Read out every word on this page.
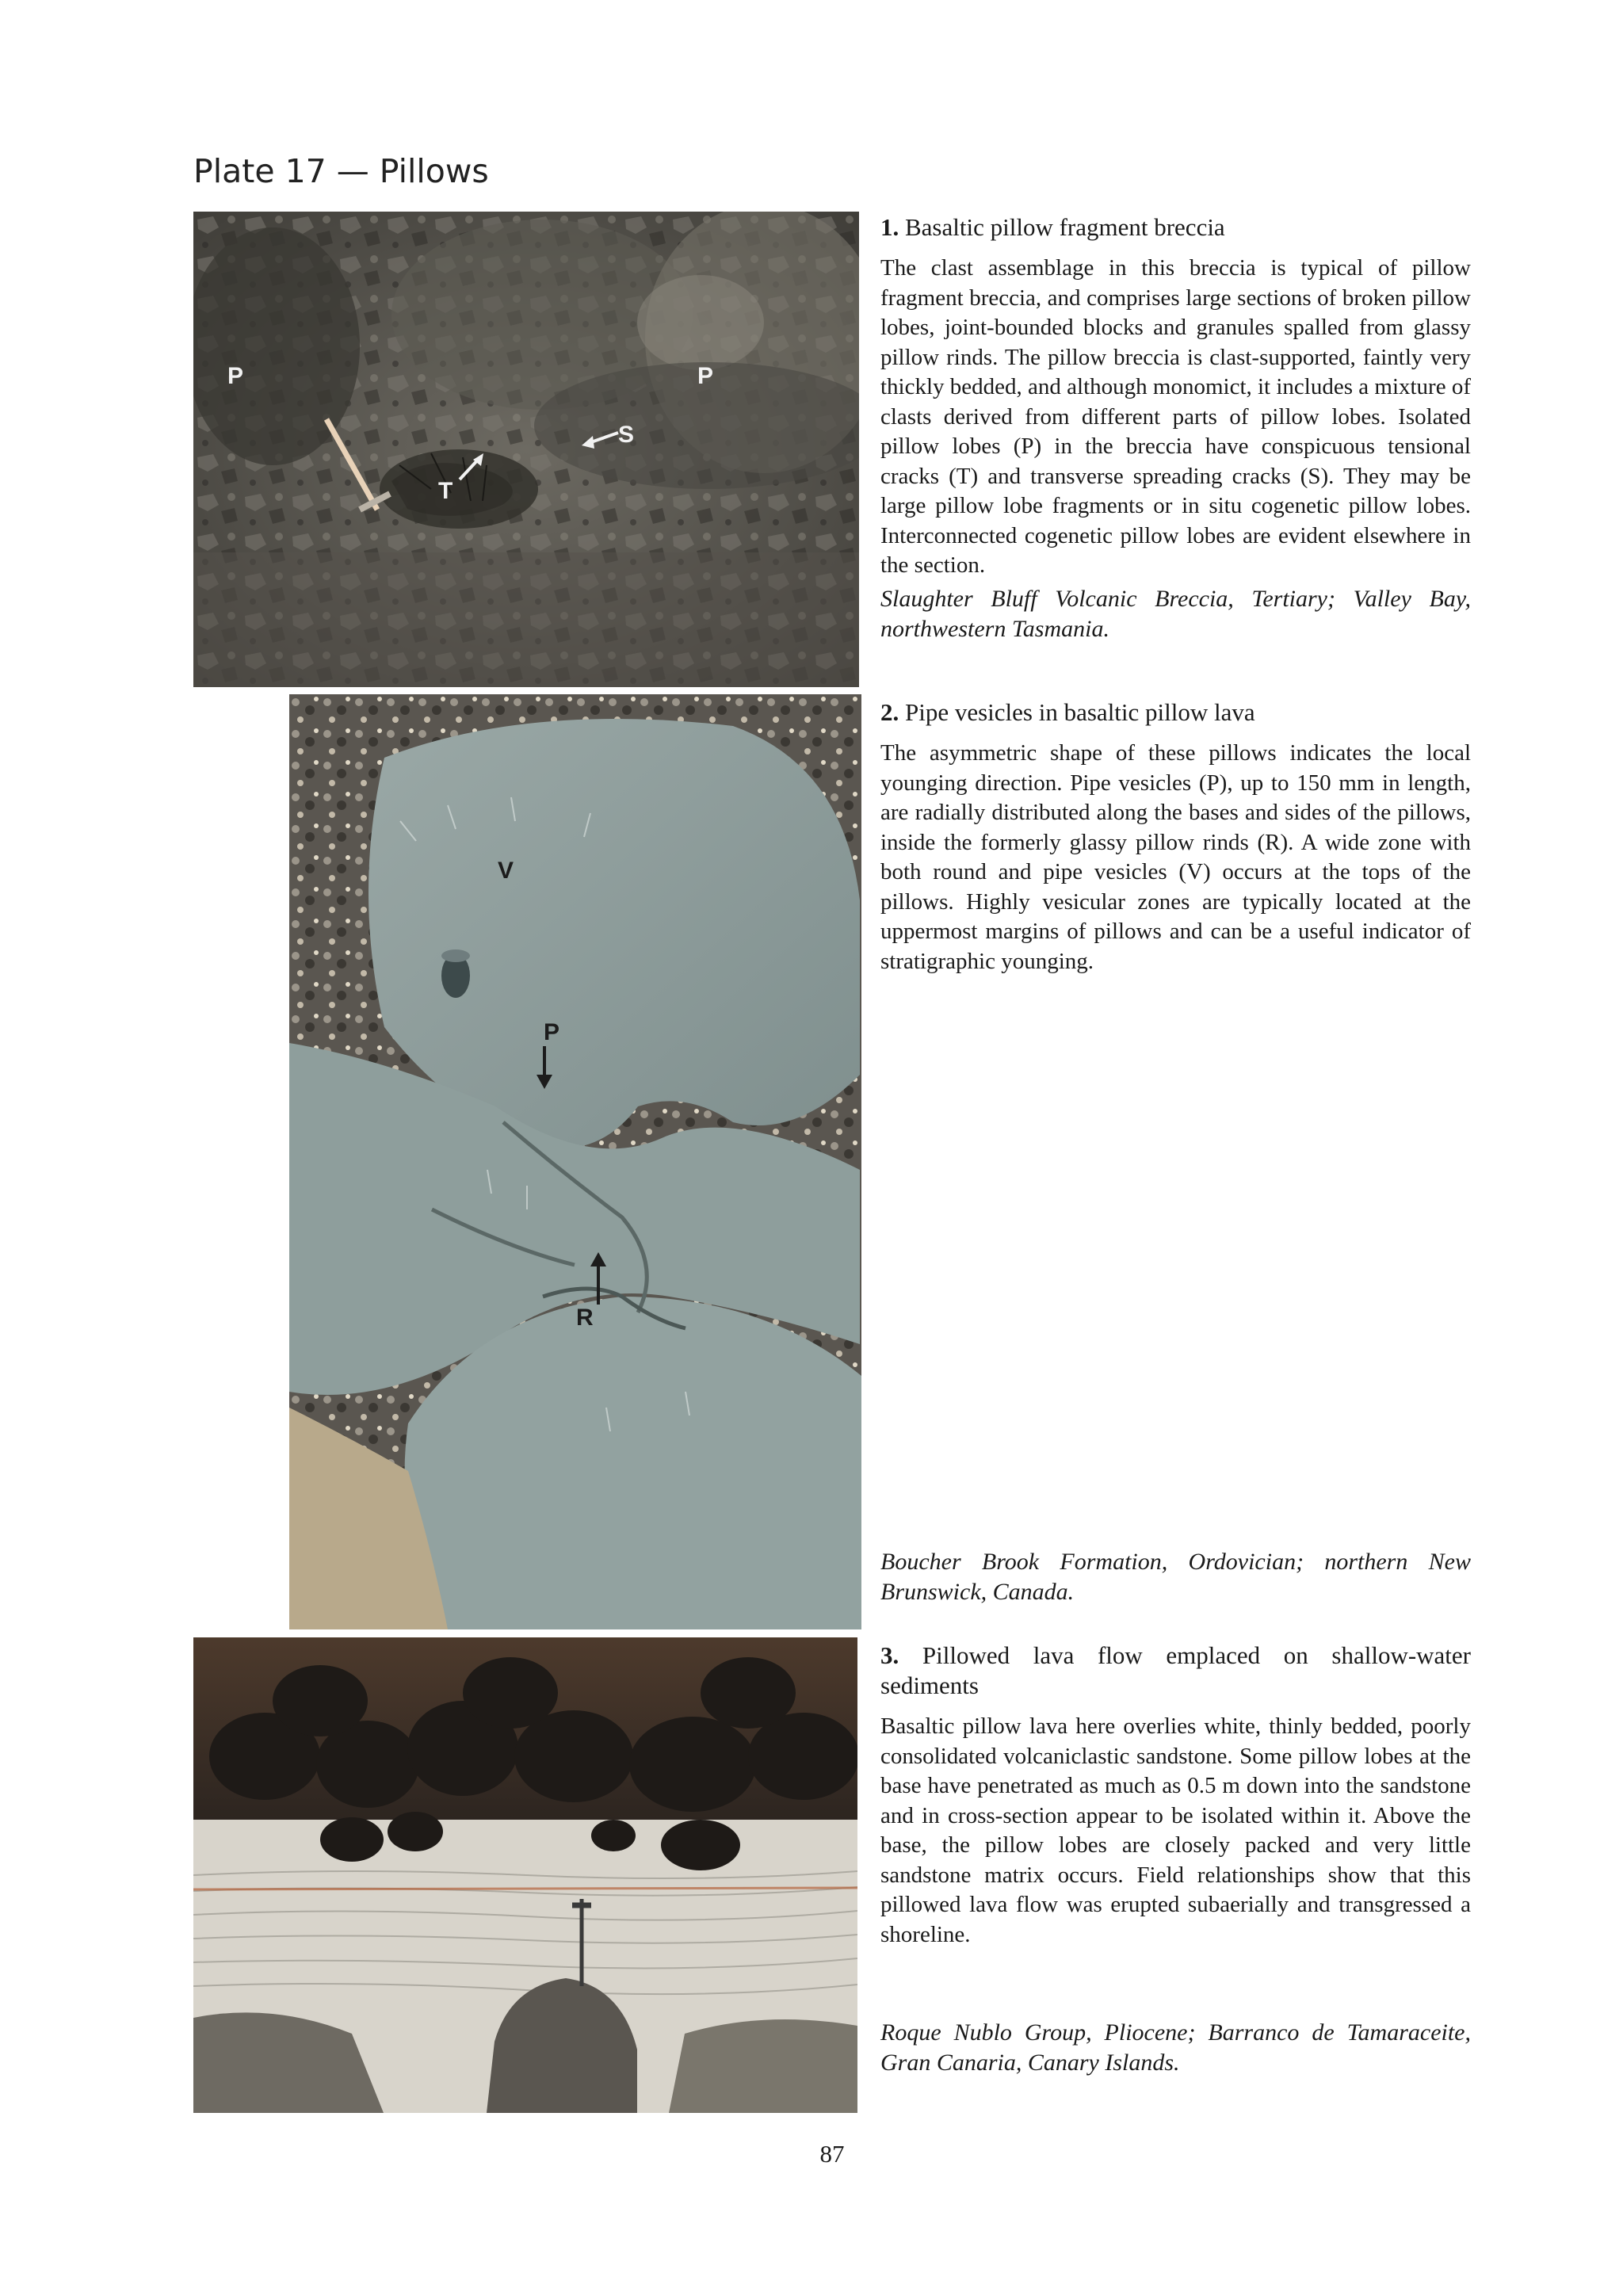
Plate 17 — Pillows
P	P
S
T
V
P
R

1. Basaltic pillow fragment breccia

The clast assemblage in this breccia is typical of pillow fragment breccia, and comprises large sections of broken pillow lobes, joint-bounded blocks and granules spalled from glassy pillow rinds. The pillow breccia is clast-supported, faintly very thickly bedded, and although monomict, it includes a mixture of clasts derived from different parts of pillow lobes. Isolated pillow lobes (P) in the breccia have conspicuous tensional cracks (T) and transverse spreading cracks (S). They may be large pillow lobe fragments or in situ cogenetic pillow lobes. Interconnected cogenetic pillow lobes are evident elsewhere in the section.

Slaughter Bluff Volcanic Breccia, Tertiary; Valley Bay, northwestern Tasmania.

2. Pipe vesicles in basaltic pillow lava

The asymmetric shape of these pillows indicates the local younging direction. Pipe vesicles (P), up to 150 mm in length, are radially distributed along the bases and sides of the pillows, inside the formerly glassy pillow rinds (R). A wide zone with both round and pipe vesicles (V) occurs at the tops of the pillows. Highly vesicular zones are typically located at the uppermost margins of pillows and can be a useful indicator of stratigraphic younging.

Boucher Brook Formation, Ordovician; northern New Brunswick, Canada.

3. Pillowed lava flow emplaced on shallow-water sediments

Basaltic pillow lava here overlies white, thinly bedded, poorly consolidated volcaniclastic sandstone. Some pillow lobes at the base have penetrated as much as 0.5 m down into the sandstone and in cross-section appear to be isolated within it. Above the base, the pillow lobes are closely packed and very little sandstone matrix occurs. Field relationships show that this pillowed lava flow was erupted subaerially and transgressed a shoreline.

Roque Nublo Group, Pliocene; Barranco de Tamaraceite, Gran Canaria, Canary Islands.

87
